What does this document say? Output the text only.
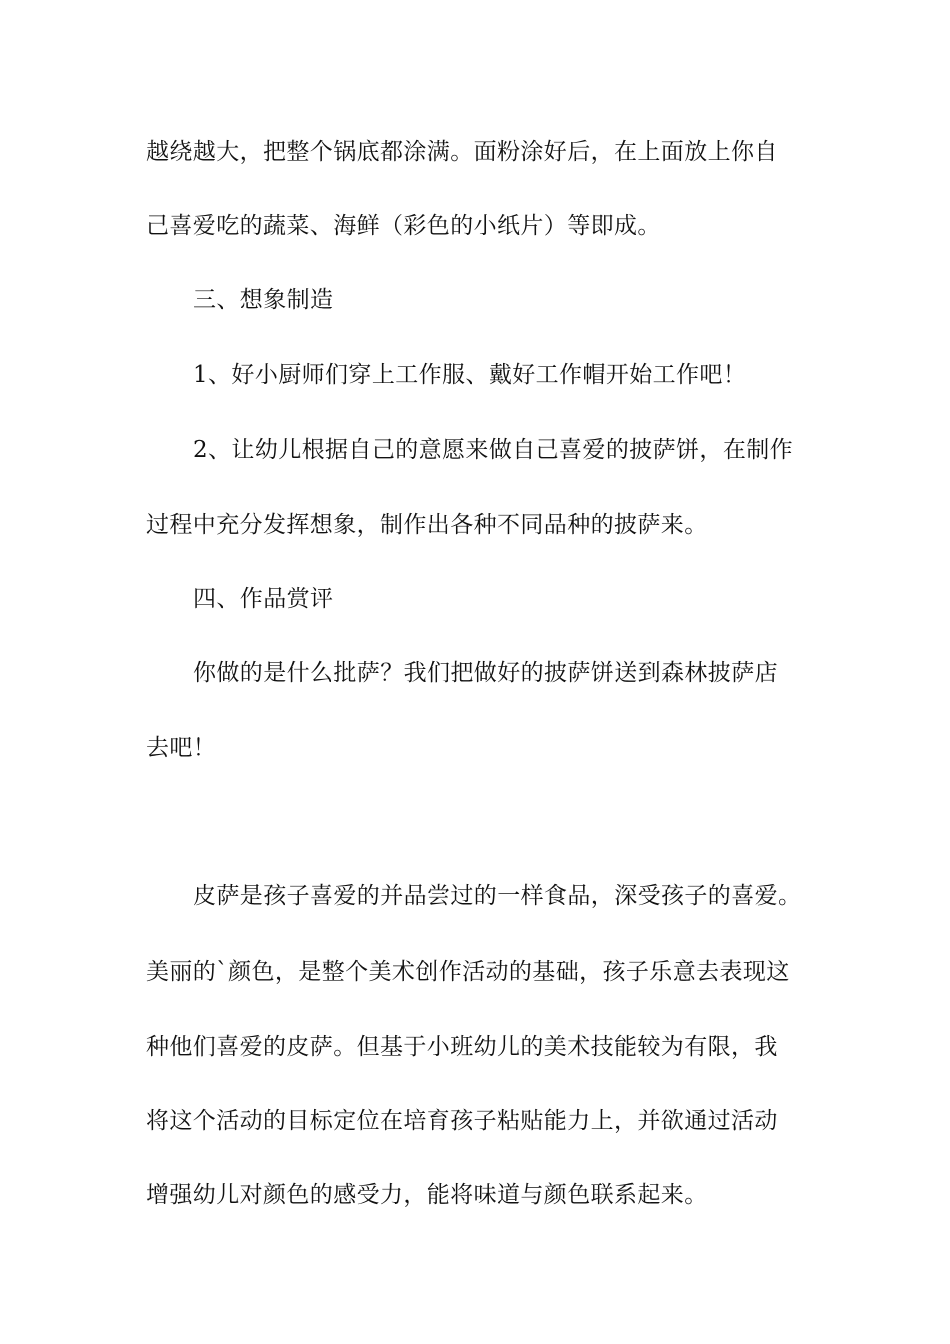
越绕越大，把整个锅底都涂满。面粉涂好后，在上面放上你自
己喜爱吃的蔬菜、海鲜（彩色的小纸片）等即成。
三、想象制造
1、好小厨师们穿上工作服、戴好工作帽开始工作吧！
2、让幼儿根据自己的意愿来做自己喜爱的披萨饼，在制作
过程中充分发挥想象，制作出各种不同品种的披萨来。
四、作品赏评
你做的是什么批萨？我们把做好的披萨饼送到森林披萨店
去吧！
皮萨是孩子喜爱的并品尝过的一样食品，深受孩子的喜爱。
美丽的`颜色，是整个美术创作活动的基础，孩子乐意去表现这
种他们喜爱的皮萨。但基于小班幼儿的美术技能较为有限，我
将这个活动的目标定位在培育孩子粘贴能力上，并欲通过活动
增强幼儿对颜色的感受力，能将味道与颜色联系起来。
